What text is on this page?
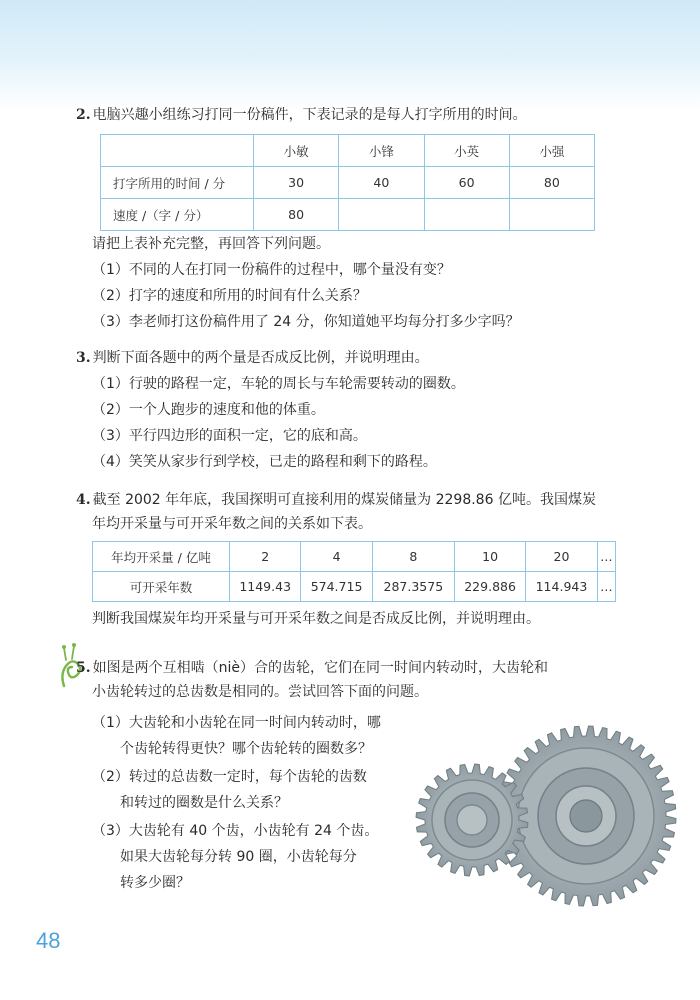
2. 电脑兴趣小组练习打同一份稿件，下表记录的是每人打字所用的时间。
	小敏	小锋	小英	小强
打字所用的时间 / 分	30	40	60	80
速度 /（字 / 分）	80			
请把上表补充完整，再回答下列问题。
（1）不同的人在打同一份稿件的过程中，哪个量没有变？
（2）打字的速度和所用的时间有什么关系？
（3）李老师打这份稿件用了 24 分，你知道她平均每分打多少字吗？
3. 判断下面各题中的两个量是否成反比例，并说明理由。
（1）行驶的路程一定，车轮的周长与车轮需要转动的圈数。
（2）一个人跑步的速度和他的体重。
（3）平行四边形的面积一定，它的底和高。
（4）笑笑从家步行到学校，已走的路程和剩下的路程。
4. 截至 2002 年年底，我国探明可直接利用的煤炭储量为 2298.86 亿吨。我国煤炭
年均开采量与可开采年数之间的关系如下表。
年均开采量 / 亿吨	2	4	8	10	20	…
可开采年数	1149.43	574.715	287.3575	229.886	114.943	…
判断我国煤炭年均开采量与可开采年数之间是否成反比例，并说明理由。
5. 如图是两个互相啮（niè）合的齿轮，它们在同一时间内转动时，大齿轮和
小齿轮转过的总齿数是相同的。尝试回答下面的问题。
（1）大齿轮和小齿轮在同一时间内转动时，哪
个齿轮转得更快？哪个齿轮转的圈数多？
（2）转过的总齿数一定时，每个齿轮的齿数
和转过的圈数是什么关系？
（3）大齿轮有 40 个齿，小齿轮有 24 个齿。
如果大齿轮每分转 90 圈，小齿轮每分
转多少圈？
48
